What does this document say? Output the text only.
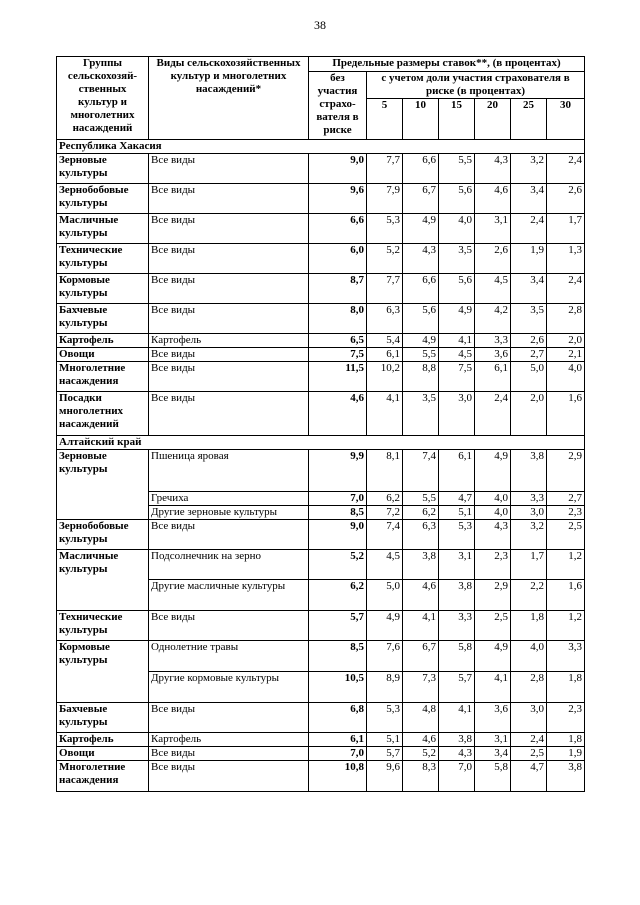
38
Группы сельскохозяй-ственных культур и многолетних насаждений	Виды сельскохозяйственных культур и многолетних насаждений*	Предельные размеры ставок**, (в процентах)						
		без участия страхо-вателя в риске	с учетом доли участия страхователя в риске (в процентах)					
			5	10	15	20	25	30
Республика Хакасия								
Зерновые культуры	Все виды	9,0	7,7	6,6	5,5	4,3	3,2	2,4
Зернобобовые культуры	Все виды	9,6	7,9	6,7	5,6	4,6	3,4	2,6
Масличные культуры	Все виды	6,6	5,3	4,9	4,0	3,1	2,4	1,7
Технические культуры	Все виды	6,0	5,2	4,3	3,5	2,6	1,9	1,3
Кормовые культуры	Все виды	8,7	7,7	6,6	5,6	4,5	3,4	2,4
Бахчевые культуры	Все виды	8,0	6,3	5,6	4,9	4,2	3,5	2,8
Картофель	Картофель	6,5	5,4	4,9	4,1	3,3	2,6	2,0
Овощи	Все виды	7,5	6,1	5,5	4,5	3,6	2,7	2,1
Многолетние насаждения	Все виды	11,5	10,2	8,8	7,5	6,1	5,0	4,0
Посадки многолетних насаждений	Все виды	4,6	4,1	3,5	3,0	2,4	2,0	1,6
Алтайский край								
Зерновые культуры	Пшеница яровая	9,9	8,1	7,4	6,1	4,9	3,8	2,9
	Гречиха	7,0	6,2	5,5	4,7	4,0	3,3	2,7
	Другие зерновые культуры	8,5	7,2	6,2	5,1	4,0	3,0	2,3
Зернобобовые культуры	Все виды	9,0	7,4	6,3	5,3	4,3	3,2	2,5
Масличные культуры	Подсолнечник на зерно	5,2	4,5	3,8	3,1	2,3	1,7	1,2
	Другие масличные культуры	6,2	5,0	4,6	3,8	2,9	2,2	1,6
Технические культуры	Все виды	5,7	4,9	4,1	3,3	2,5	1,8	1,2
Кормовые культуры	Однолетние травы	8,5	7,6	6,7	5,8	4,9	4,0	3,3
	Другие кормовые культуры	10,5	8,9	7,3	5,7	4,1	2,8	1,8
Бахчевые культуры	Все виды	6,8	5,3	4,8	4,1	3,6	3,0	2,3
Картофель	Картофель	6,1	5,1	4,6	3,8	3,1	2,4	1,8
Овощи	Все виды	7,0	5,7	5,2	4,3	3,4	2,5	1,9
Многолетние насаждения	Все виды	10,8	9,6	8,3	7,0	5,8	4,7	3,8
